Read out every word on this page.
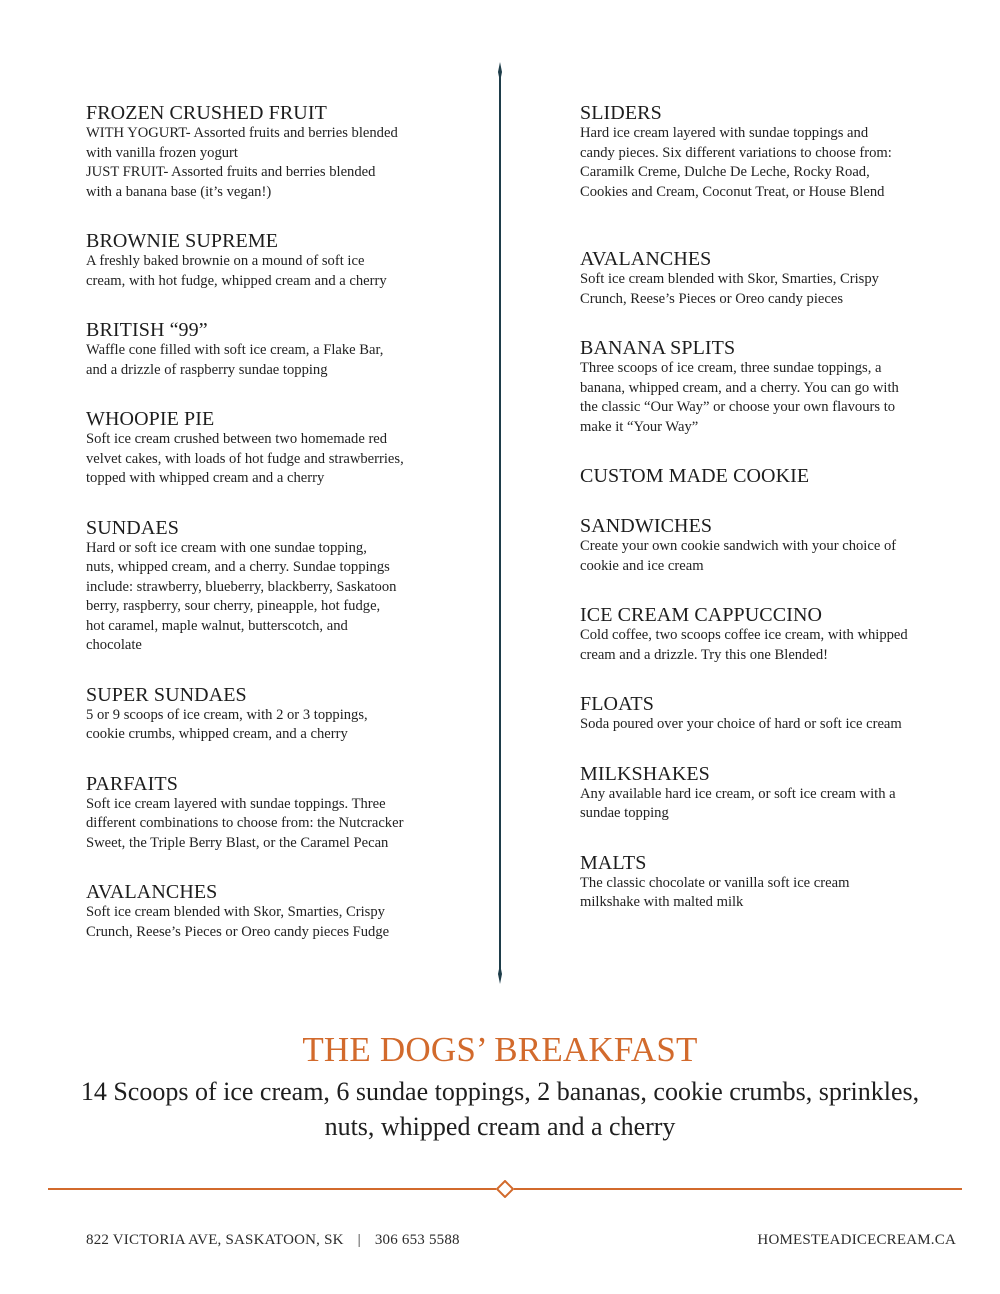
FROZEN CRUSHED FRUIT

WITH YOGURT- Assorted fruits and berries blended
with vanilla frozen yogurt
JUST FRUIT- Assorted fruits and berries blended
with a banana base (it’s vegan!)

BROWNIE SUPREME

A freshly baked brownie on a mound of soft ice
cream, with hot fudge, whipped cream and a cherry

BRITISH “99”

Waffle cone filled with soft ice cream, a Flake Bar,
and a drizzle of raspberry sundae topping

WHOOPIE PIE

Soft ice cream crushed between two homemade red
velvet cakes, with loads of hot fudge and strawberries,
topped with whipped cream and a cherry

SUNDAES

Hard or soft ice cream with one sundae topping,
nuts, whipped cream, and a cherry. Sundae toppings
include: strawberry, blueberry, blackberry, Saskatoon
berry, raspberry, sour cherry, pineapple, hot fudge,
hot caramel, maple walnut, butterscotch, and
chocolate

SUPER SUNDAES

5 or 9 scoops of ice cream, with 2 or 3 toppings,
cookie crumbs, whipped cream, and a cherry

PARFAITS

Soft ice cream layered with sundae toppings. Three
different combinations to choose from: the Nutcracker
Sweet, the Triple Berry Blast, or the Caramel Pecan

AVALANCHES

Soft ice cream blended with Skor, Smarties, Crispy
Crunch, Reese’s Pieces or Oreo candy pieces Fudge

SLIDERS

Hard ice cream layered with sundae toppings and
candy pieces. Six different variations to choose from:
Caramilk Creme, Dulche De Leche, Rocky Road,
Cookies and Cream, Coconut Treat, or House Blend

AVALANCHES

Soft ice cream blended with Skor, Smarties, Crispy
Crunch, Reese’s Pieces or Oreo candy pieces

BANANA SPLITS

Three scoops of ice cream, three sundae toppings, a
banana, whipped cream, and a cherry. You can go with
the classic “Our Way” or choose your own flavours to
make it “Your Way”

CUSTOM MADE COOKIE
SANDWICHES

Create your own cookie sandwich with your choice of
cookie and ice cream

ICE CREAM CAPPUCCINO

Cold coffee, two scoops coffee ice cream, with whipped
cream and a drizzle. Try this one Blended!

FLOATS

Soda poured over your choice of hard or soft ice cream

MILKSHAKES

Any available hard ice cream, or soft ice cream with a
sundae topping

MALTS

The classic chocolate or vanilla soft ice cream
milkshake with malted milk

THE DOGS’ BREAKFAST

14 Scoops of ice cream, 6 sundae toppings, 2 bananas, cookie crumbs, sprinkles, nuts, whipped cream and a cherry

822 VICTORIA AVE, SASKATOON, SK | 306 653 5588	HOMESTEADICECREAM.CA
